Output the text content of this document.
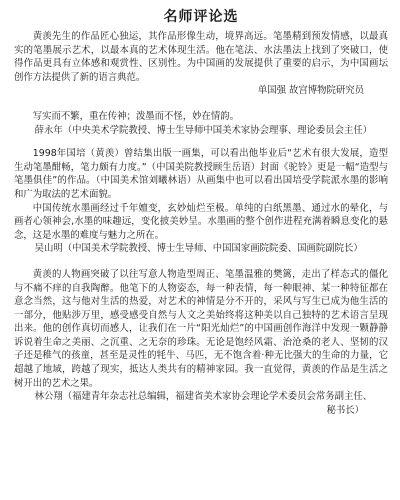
名师评论选

黄羡先生的作品匠心独运，其作品形像生动，境界高远。笔墨精到预发情感，以最真实的笔墨展示艺术，以最本真的艺术体现生活。他在笔法、水法墨法上找到了突破口，使得作品更具有立体感和观赏性、区别性。为中国画的发展提供了重要的启示，为中国画坛创作方法提供了新的语言典范。

单国强 故宫博物院研究员

写实而不繁，重在传神；泼墨而不怪，妙在情韵。

薛永年（中央美术学院教授、博士生导师中国美术家协会理事、理论委员会主任）

1998年国培（黄羡）曾结集出版一画集，可以看出他毕业后“艺术有很大发展，造型生动笔墨酣畅，笔力颇有力度。”（中国美院教授顾生岳语）封面《驼铃》更是一幅“造型与笔墨俱佳”的作品。（中国美术馆刘曦林语）从画集中也可以看出国培受学院派水墨的影响和广为取法的艺术面貌。

中国传统水墨画经过千年嬗变，玄妙灿烂至极。单纯的白纸黑墨、通过水的晕化，与画者心领神会,水墨的味趣远，变化披美妙呈。水墨画的整个创作进程充满着瞬息变化的悬念，这是水墨的难度与魅力之所在。

吴山明（中国美术学院教授、博士生导师、中国国家画院院委、国画院副院长）

黄羡的人物画突破了以往写意人物造型周正、笔墨温雅的樊篱，走出了样态式的僵化与不痛不痒的自我陶醉。他笔下的人物姿态，每一种表情，每一种眼神、某一种特征都在意念当然，这与他对生活的热爱，对艺术的神情是分不开的，采风与写生已成为他生活的一部分，他贴涉万里，感受感受自然与人文之美始终将这种美以自己独特的艺术语言呈现出来。他的创作真切而感人，让我们在一片“阳光灿烂”的中国画创作海洋中发现一颗静静诉说着生命之美丽、之沉重、之无奈的珍珠。无论是饱经风霜、治沧桑的老人、坚韧的汉子还是稚气的孩童，甚至是灵性的牦牛、马匹，无不饱含着·种无比强大的生命的力量，它超越了地域，跨越了现实，抵达人类共有的精神家园。我一直觉得，黄羡的作品是生活之树开出的艺术之果。

林公翔（福建青年杂志社总编辑，福建省美术家协会理论学术委员会常务副主任、

秘书长）
